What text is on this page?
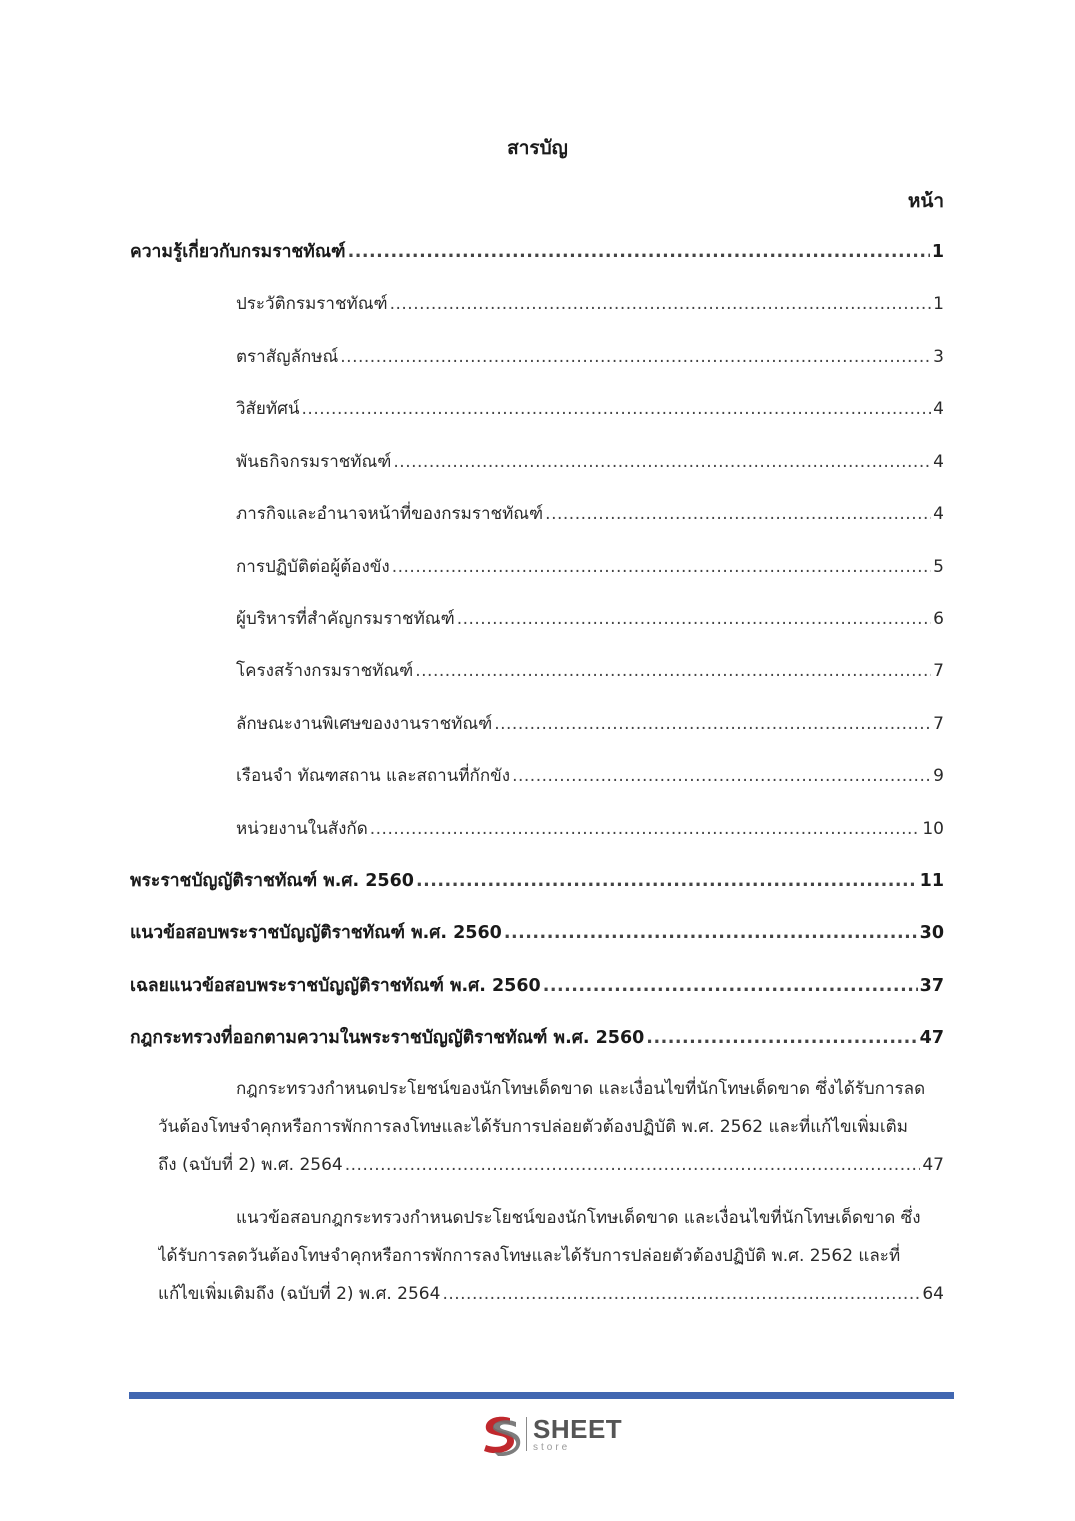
สารบัญ
หน้า
ความรู้เกี่ยวกับกรมราชทัณฑ์ .....	1
ประวัติกรมราชทัณฑ์ .....	1
ตราสัญลักษณ์ .....	3
วิสัยทัศน์ .....	4
พันธกิจกรมราชทัณฑ์ .....	4
ภารกิจและอำนาจหน้าที่ของกรมราชทัณฑ์ .....	4
การปฏิบัติต่อผู้ต้องขัง .....	5
ผู้บริหารที่สำคัญกรมราชทัณฑ์ .....	6
โครงสร้างกรมราชทัณฑ์ .....	7
ลักษณะงานพิเศษของงานราชทัณฑ์ .....	7
เรือนจำ ทัณฑสถาน และสถานที่กักขัง .....	9
หน่วยงานในสังกัด .....	10
พระราชบัญญัติราชทัณฑ์ พ.ศ. 2560 .....	11
แนวข้อสอบพระราชบัญญัติราชทัณฑ์ พ.ศ. 2560 .....	30
เฉลยแนวข้อสอบพระราชบัญญัติราชทัณฑ์ พ.ศ. 2560 .....	37
กฎกระทรวงที่ออกตามความในพระราชบัญญัติราชทัณฑ์ พ.ศ. 2560 .....	47
กฎกระทรวงกำหนดประโยชน์ของนักโทษเด็ดขาด และเงื่อนไขที่นักโทษเด็ดขาด ซึ่งได้รับการลด
วันต้องโทษจำคุกหรือการพักการลงโทษและได้รับการปล่อยตัวต้องปฏิบัติ พ.ศ. 2562 และที่แก้ไขเพิ่มเติม
ถึง (ฉบับที่ 2) พ.ศ. 2564 .....	47
แนวข้อสอบกฎกระทรวงกำหนดประโยชน์ของนักโทษเด็ดขาด และเงื่อนไขที่นักโทษเด็ดขาด ซึ่ง
ได้รับการลดวันต้องโทษจำคุกหรือการพักการลงโทษและได้รับการปล่อยตัวต้องปฏิบัติ พ.ศ. 2562 และที่
แก้ไขเพิ่มเติมถึง (ฉบับที่ 2) พ.ศ. 2564 .....	64
SHEET
store
